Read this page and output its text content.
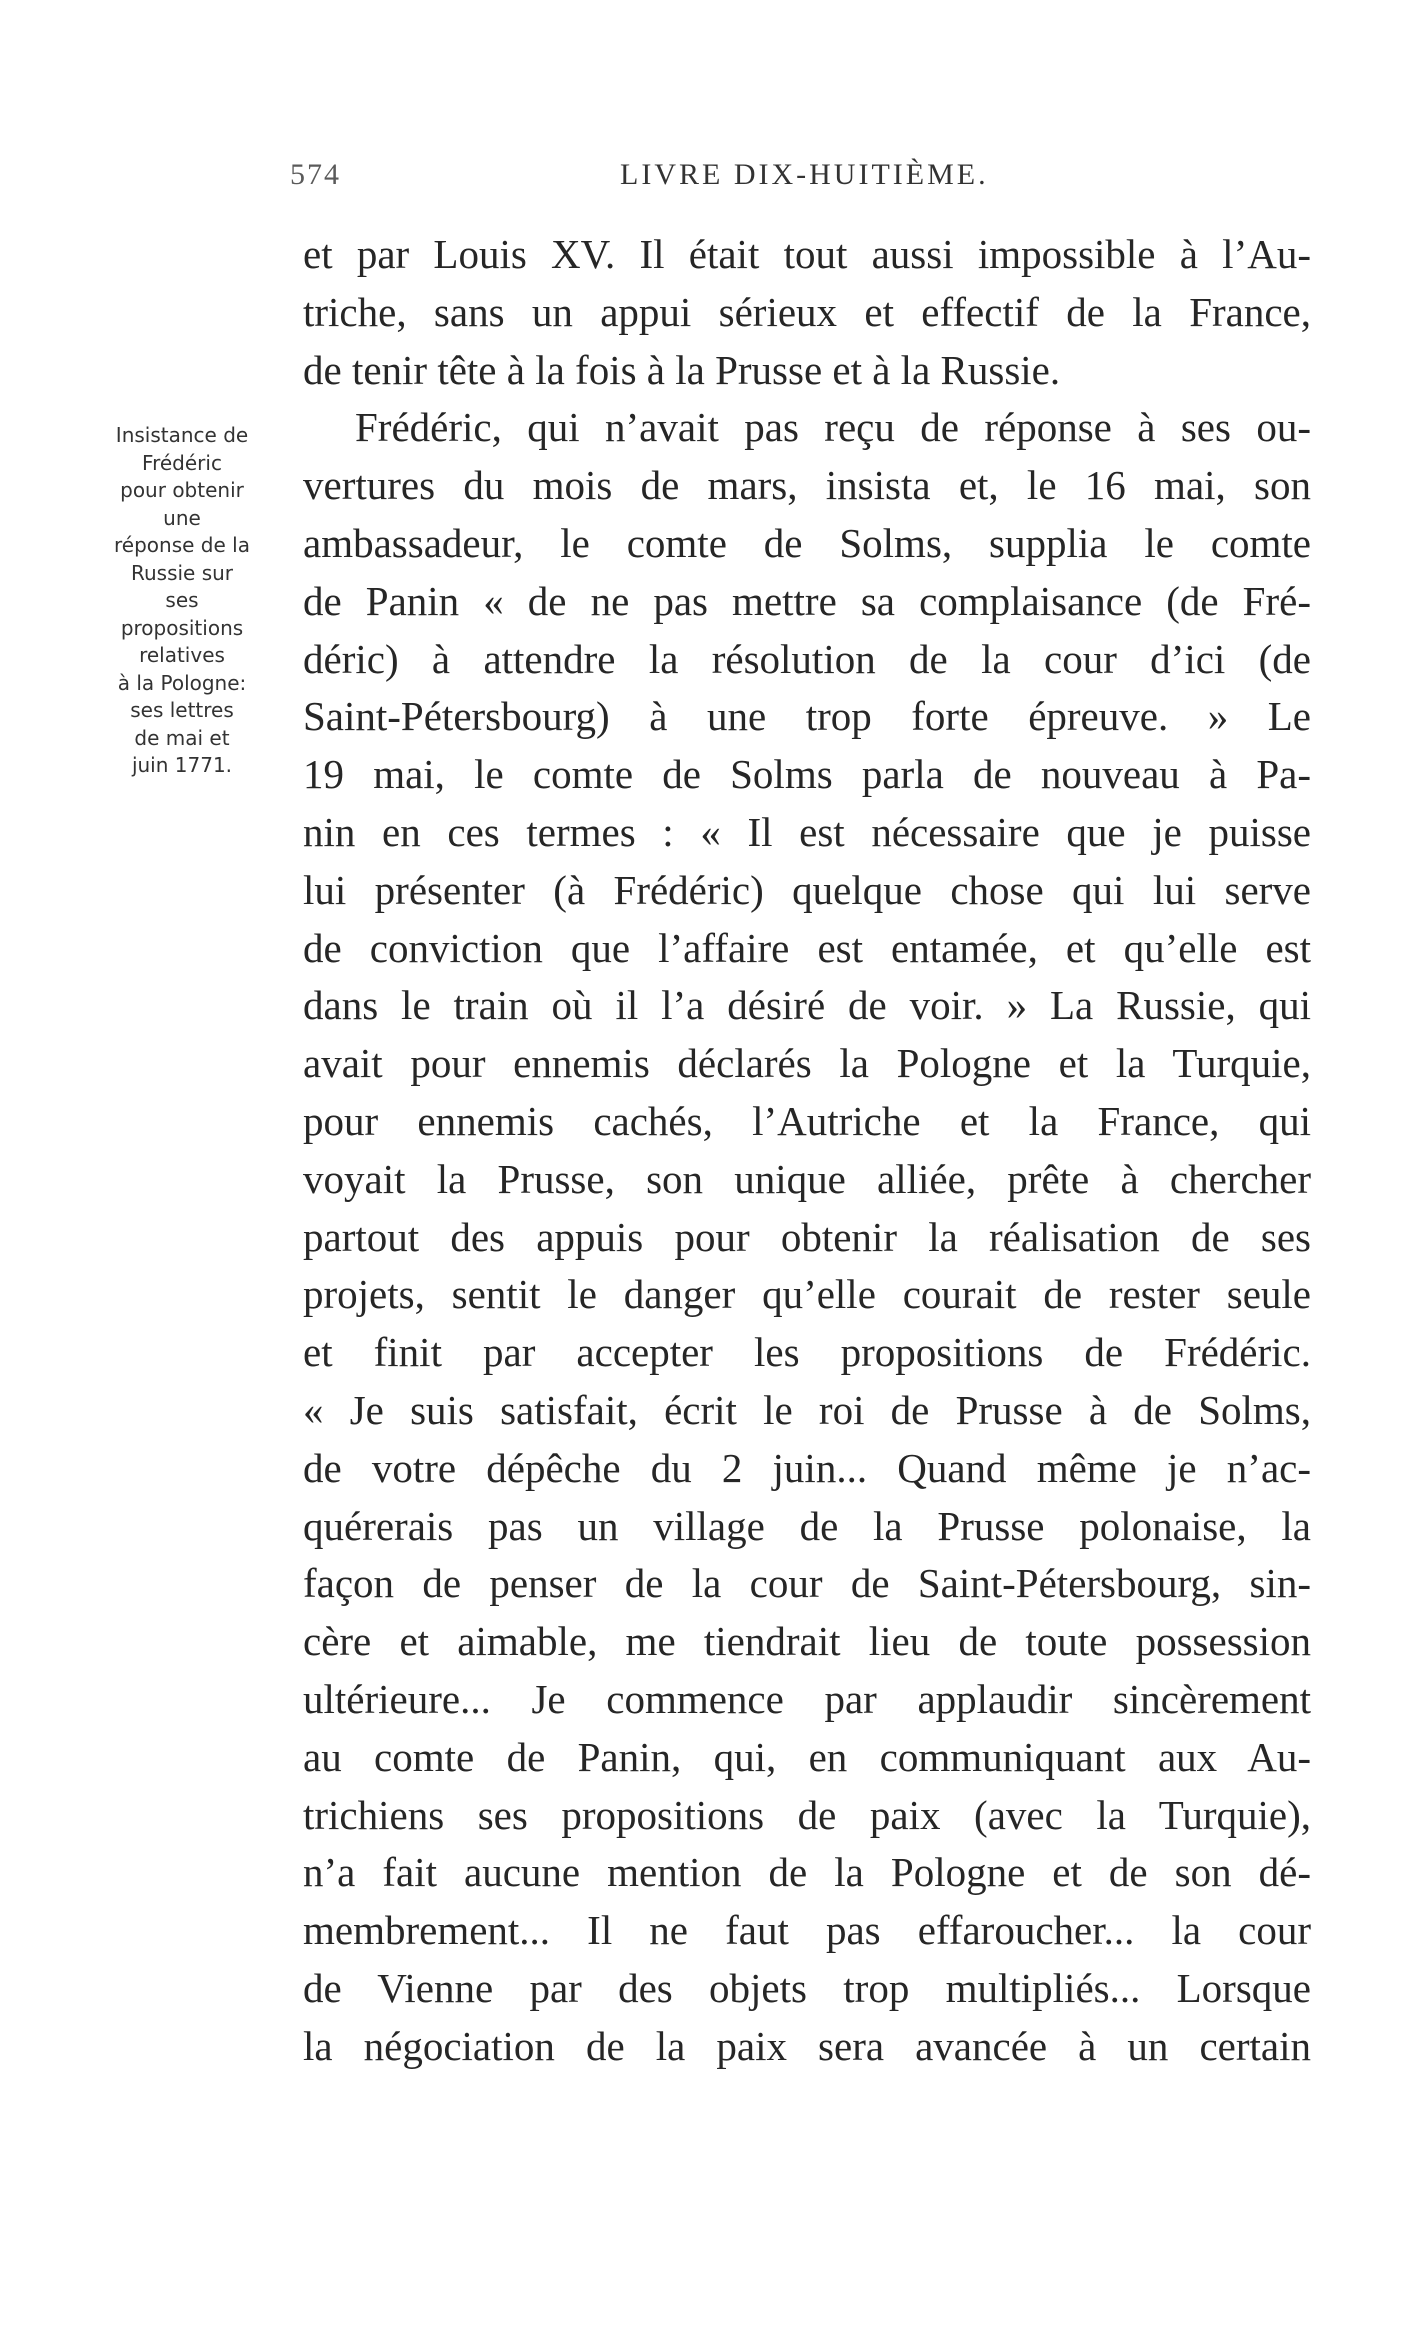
574	LIVRE DIX-HUITIÈME.
Insistance de
Frédéric
pour obtenir
une
réponse de la
Russie sur
ses
propositions
relatives
à la Pologne:
ses lettres
de mai et
juin 1771.
et par Louis XV. Il était tout aussi impossible à l’Au-
triche, sans un appui sérieux et effectif de la France,
de tenir tête à la fois à la Prusse et à la Russie.
Frédéric, qui n’avait pas reçu de réponse à ses ou-
vertures du mois de mars, insista et, le 16 mai, son
ambassadeur, le comte de Solms, supplia le comte
de Panin « de ne pas mettre sa complaisance (de Fré-
déric) à attendre la résolution de la cour d’ici (de
Saint-Pétersbourg) à une trop forte épreuve. » Le
19 mai, le comte de Solms parla de nouveau à Pa-
nin en ces termes : « Il est nécessaire que je puisse
lui présenter (à Frédéric) quelque chose qui lui serve
de conviction que l’affaire est entamée, et qu’elle est
dans le train où il l’a désiré de voir. » La Russie, qui
avait pour ennemis déclarés la Pologne et la Turquie,
pour ennemis cachés, l’Autriche et la France, qui
voyait la Prusse, son unique alliée, prête à chercher
partout des appuis pour obtenir la réalisation de ses
projets, sentit le danger qu’elle courait de rester seule
et finit par accepter les propositions de Frédéric.
« Je suis satisfait, écrit le roi de Prusse à de Solms,
de votre dépêche du 2 juin... Quand même je n’ac-
quérerais pas un village de la Prusse polonaise, la
façon de penser de la cour de Saint-Pétersbourg, sin-
cère et aimable, me tiendrait lieu de toute possession
ultérieure... Je commence par applaudir sincèrement
au comte de Panin, qui, en communiquant aux Au-
trichiens ses propositions de paix (avec la Turquie),
n’a fait aucune mention de la Pologne et de son dé-
membrement... Il ne faut pas effaroucher... la cour
de Vienne par des objets trop multipliés... Lorsque
la négociation de la paix sera avancée à un certain
